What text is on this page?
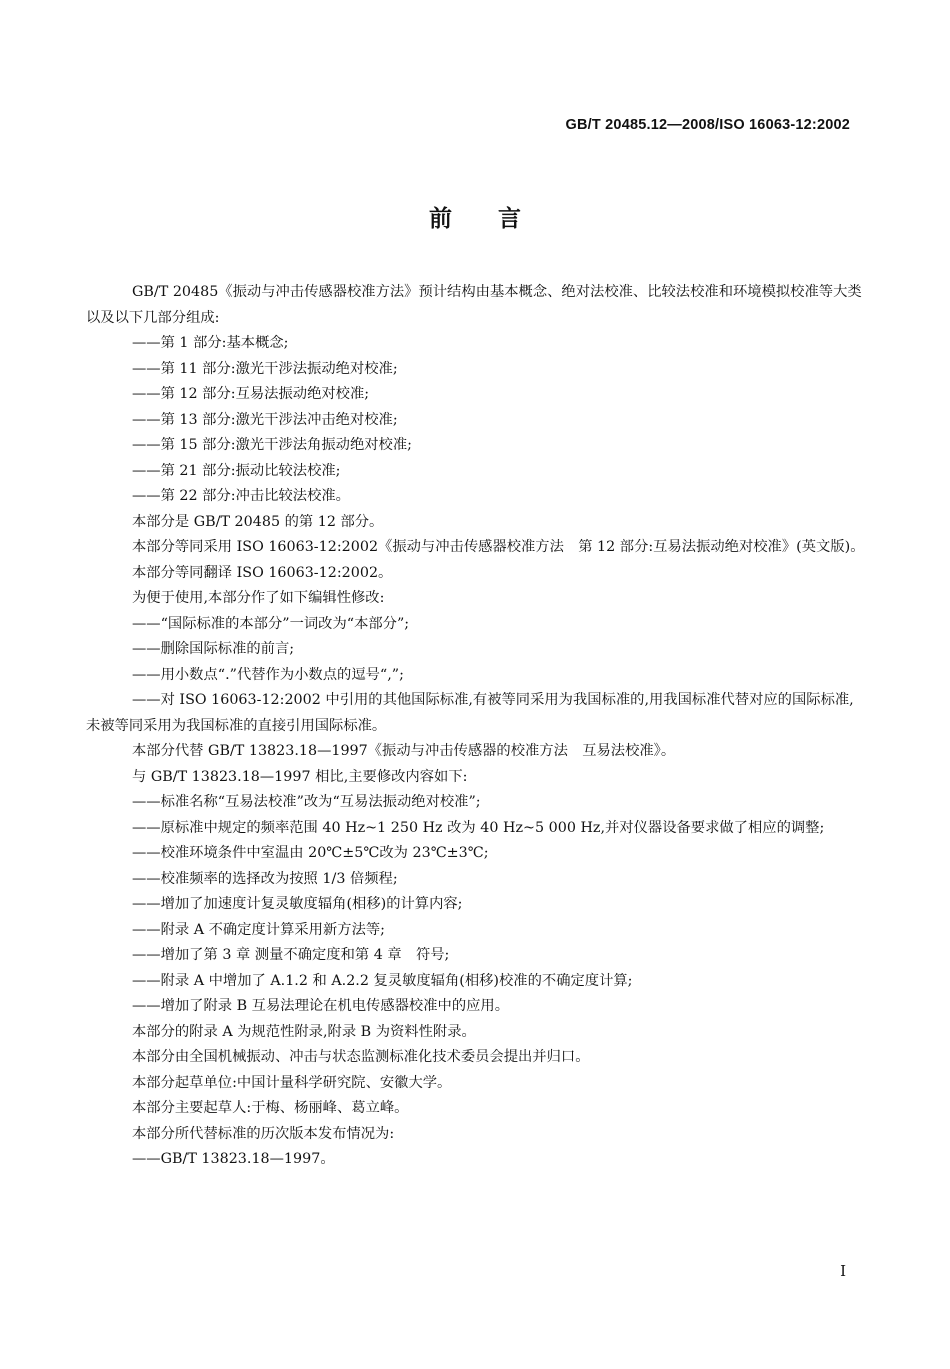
GB/T 20485.12—2008/ISO 16063-12:2002
前言

GB/T 20485《振动与冲击传感器校准方法》预计结构由基本概念、绝对法校准、比较法校准和环境模拟校准等大类以及以下几部分组成:

——第 1 部分:基本概念;

——第 11 部分:激光干涉法振动绝对校准;

——第 12 部分:互易法振动绝对校准;

——第 13 部分:激光干涉法冲击绝对校准;

——第 15 部分:激光干涉法角振动绝对校准;

——第 21 部分:振动比较法校准;

——第 22 部分:冲击比较法校准。

本部分是 GB/T 20485 的第 12 部分。

本部分等同采用 ISO 16063-12:2002《振动与冲击传感器校准方法　第 12 部分:互易法振动绝对校准》(英文版)。

本部分等同翻译 ISO 16063-12:2002。

为便于使用,本部分作了如下编辑性修改:

——“国际标准的本部分”一词改为“本部分”;

——删除国际标准的前言;

——用小数点“.”代替作为小数点的逗号“,”;

——对 ISO 16063-12:2002 中引用的其他国际标准,有被等同采用为我国标准的,用我国标准代替对应的国际标准,未被等同采用为我国标准的直接引用国际标准。

本部分代替 GB/T 13823.18—1997《振动与冲击传感器的校准方法　互易法校准》。

与 GB/T 13823.18—1997 相比,主要修改内容如下:

——标准名称“互易法校准”改为“互易法振动绝对校准”;

——原标准中规定的频率范围 40 Hz~1 250 Hz 改为 40 Hz~5 000 Hz,并对仪器设备要求做了相应的调整;

——校准环境条件中室温由 20℃±5℃改为 23℃±3℃;

——校准频率的选择改为按照 1/3 倍频程;

——增加了加速度计复灵敏度辐角(相移)的计算内容;

——附录 A 不确定度计算采用新方法等;

——增加了第 3 章 测量不确定度和第 4 章　符号;

——附录 A 中增加了 A.1.2 和 A.2.2 复灵敏度辐角(相移)校准的不确定度计算;

——增加了附录 B 互易法理论在机电传感器校准中的应用。

本部分的附录 A 为规范性附录,附录 B 为资料性附录。

本部分由全国机械振动、冲击与状态监测标准化技术委员会提出并归口。

本部分起草单位:中国计量科学研究院、安徽大学。

本部分主要起草人:于梅、杨丽峰、葛立峰。

本部分所代替标准的历次版本发布情况为:

——GB/T 13823.18—1997。

I
